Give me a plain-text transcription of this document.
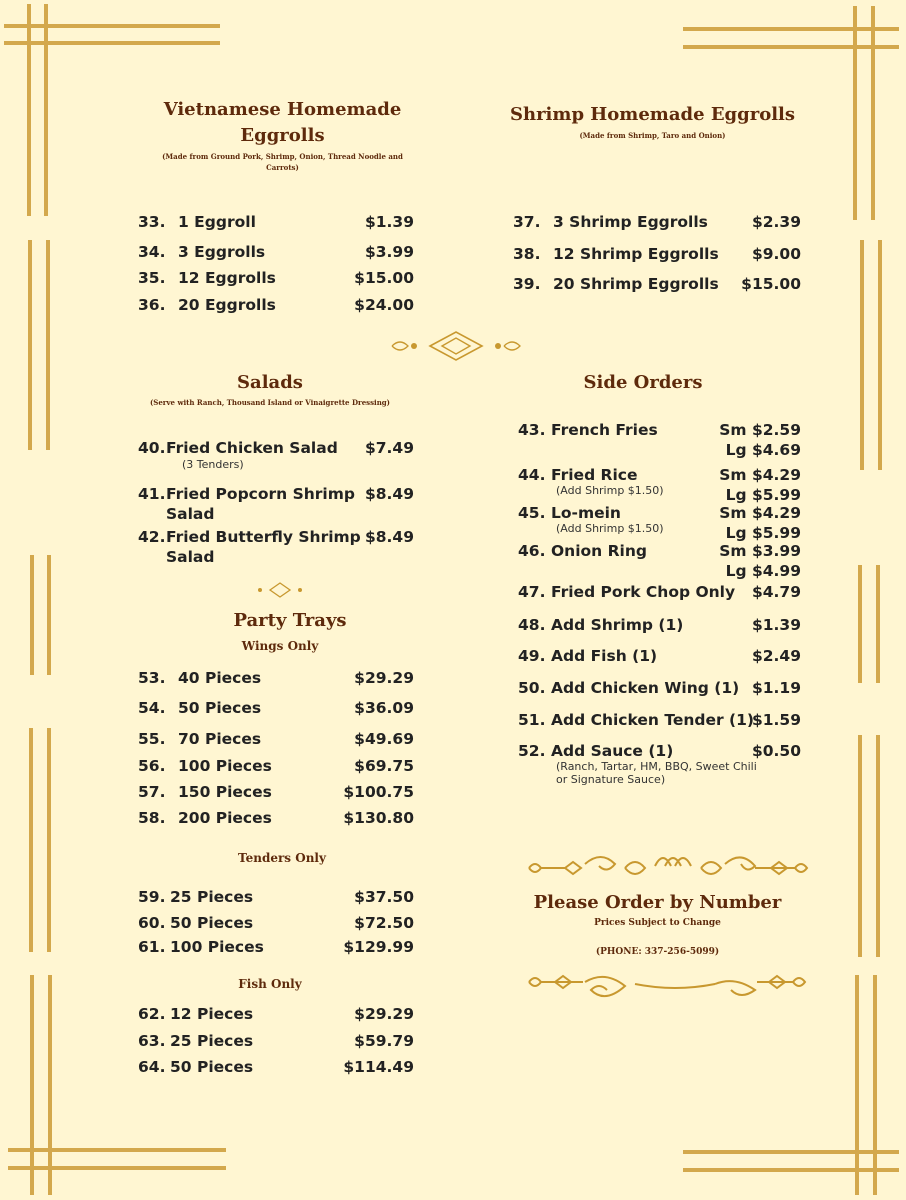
Vietnamese Homemade
Eggrolls
(Made from Ground Pork, Shrimp, Onion, Thread Noodle and
Carrots)
33. 1 Eggroll	$1.39
34. 3 Eggrolls	$3.99
35. 12 Eggrolls	$15.00
36. 20 Eggrolls	$24.00
Shrimp Homemade Eggrolls
(Made from Shrimp, Taro and Onion)
37. 3 Shrimp Eggrolls	$2.39
38. 12 Shrimp Eggrolls	$9.00
39. 20 Shrimp Eggrolls	$15.00
Salads
(Serve with Ranch, Thousand Island or Vinaigrette Dressing)
40. Fried Chicken Salad	$7.49
(3 Tenders)
41. Fried Popcorn Shrimp
Salad
$8.49
42. Fried Butterfly Shrimp
Salad
$8.49
Party Trays
Wings Only
Tenders Only
Fish Only
53. 40 Pieces	$29.29
54. 50 Pieces	$36.09
55. 70 Pieces	$49.69
56. 100 Pieces	$69.75
57. 150 Pieces	$100.75
58. 200 Pieces	$130.80
59. 25 Pieces	$37.50
60. 50 Pieces	$72.50
61. 100 Pieces	$129.99
62. 12 Pieces	$29.29
63. 25 Pieces	$59.79
64. 50 Pieces	$114.49
Side Orders
43. French Fries	Sm $2.59
Lg $4.69
44. Fried Rice	Sm $4.29
Lg $5.99
(Add Shrimp $1.50)
45. Lo-mein	Sm $4.29
Lg $5.99
(Add Shrimp $1.50)
46. Onion Ring	Sm $3.99
Lg $4.99
47. Fried Pork Chop Only	$4.79
48. Add Shrimp (1)	$1.39
49. Add Fish (1)	$2.49
50. Add Chicken Wing (1) $1.19
51. Add Chicken Tender (1)
$1.59
52. Add Sauce (1)	$0.50
(Ranch, Tartar, HM, BBQ, Sweet Chili
or Signature Sauce)
Please Order by Number
Prices Subject to Change
(PHONE: 337-256-5099)
